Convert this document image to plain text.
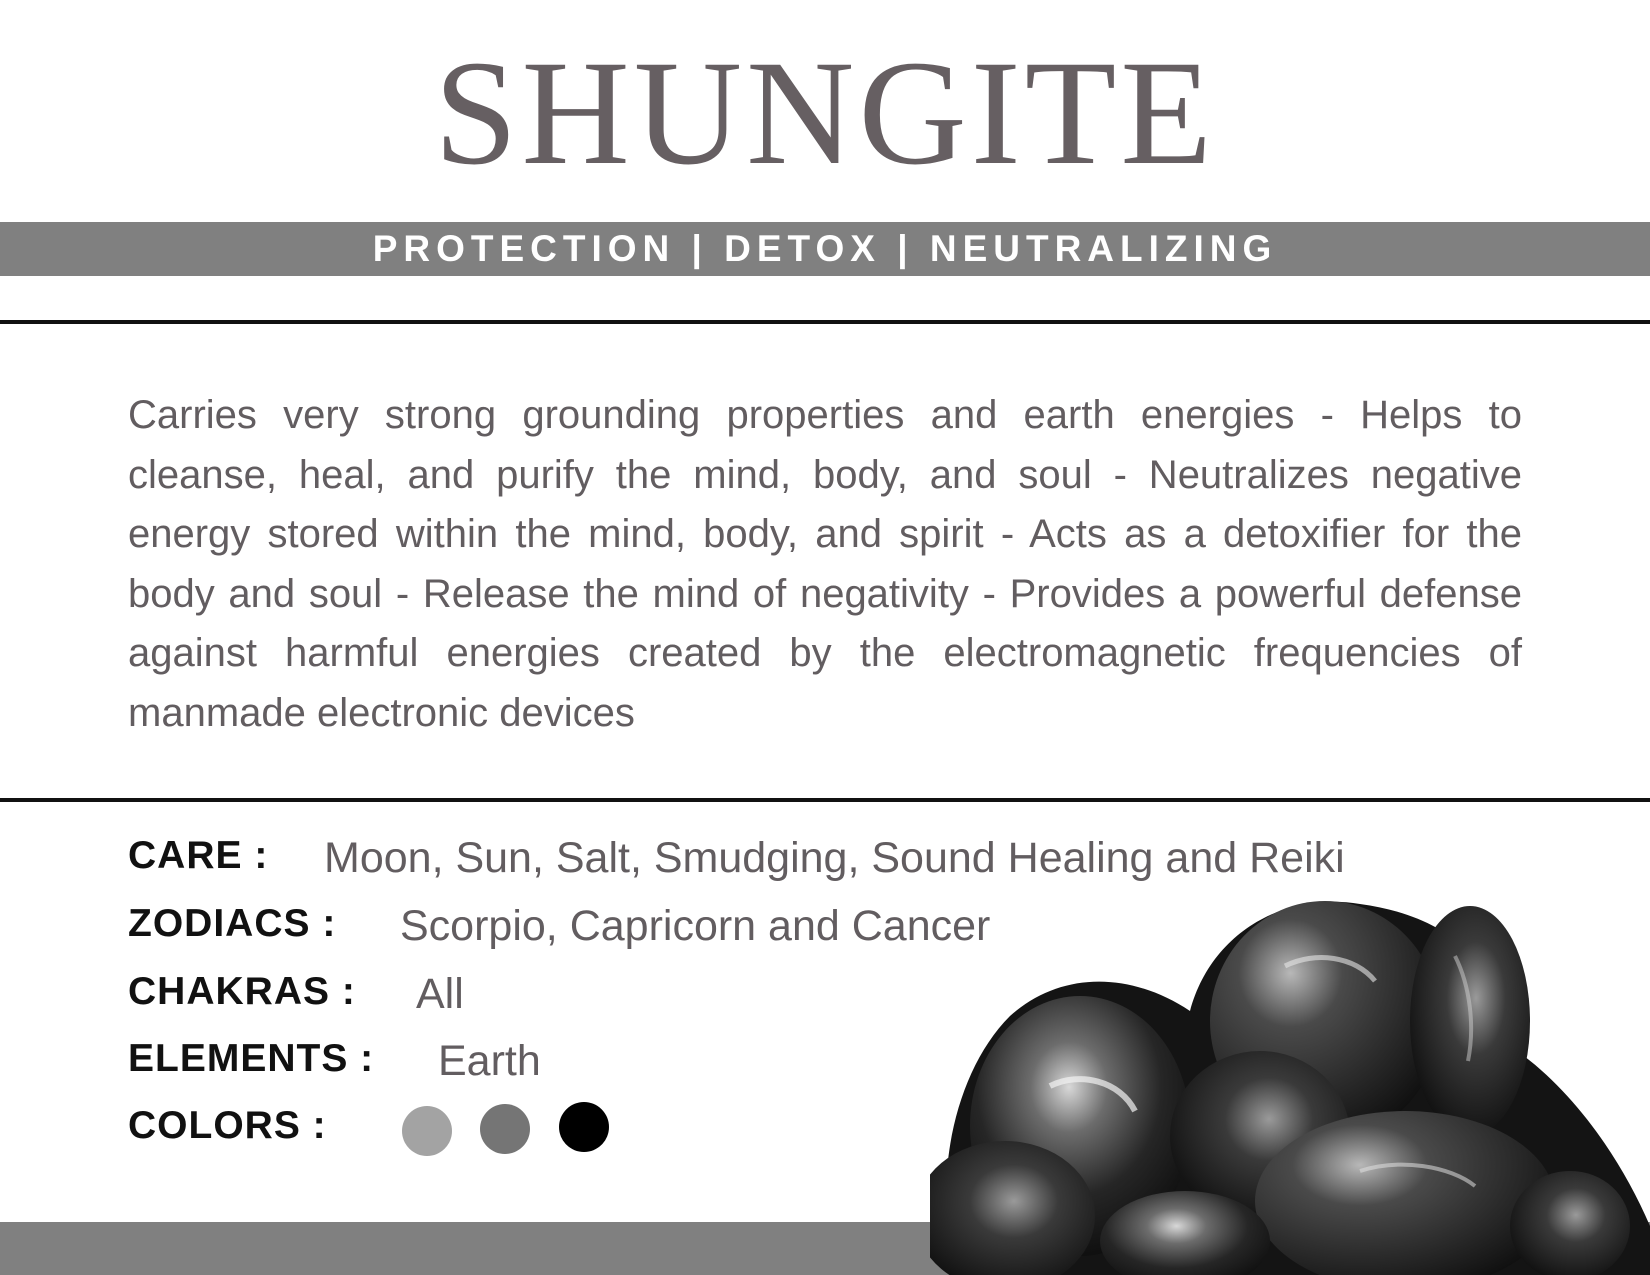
SHUNGITE
PROTECTION | DETOX | NEUTRALIZING
Carries very strong grounding properties and earth energies - Helps to cleanse, heal, and purify the mind, body, and soul - Neutralizes negative energy stored within the mind, body, and spirit - Acts as a detoxifier for the body and soul - Release the mind of negativity - Provides a powerful defense against harmful energies created by the electromagnetic frequencies of manmade electronic devices
CARE : Moon, Sun, Salt, Smudging, Sound Healing and Reiki
ZODIACS : Scorpio, Capricorn and Cancer
CHAKRAS : All
ELEMENTS : Earth
COLORS :
